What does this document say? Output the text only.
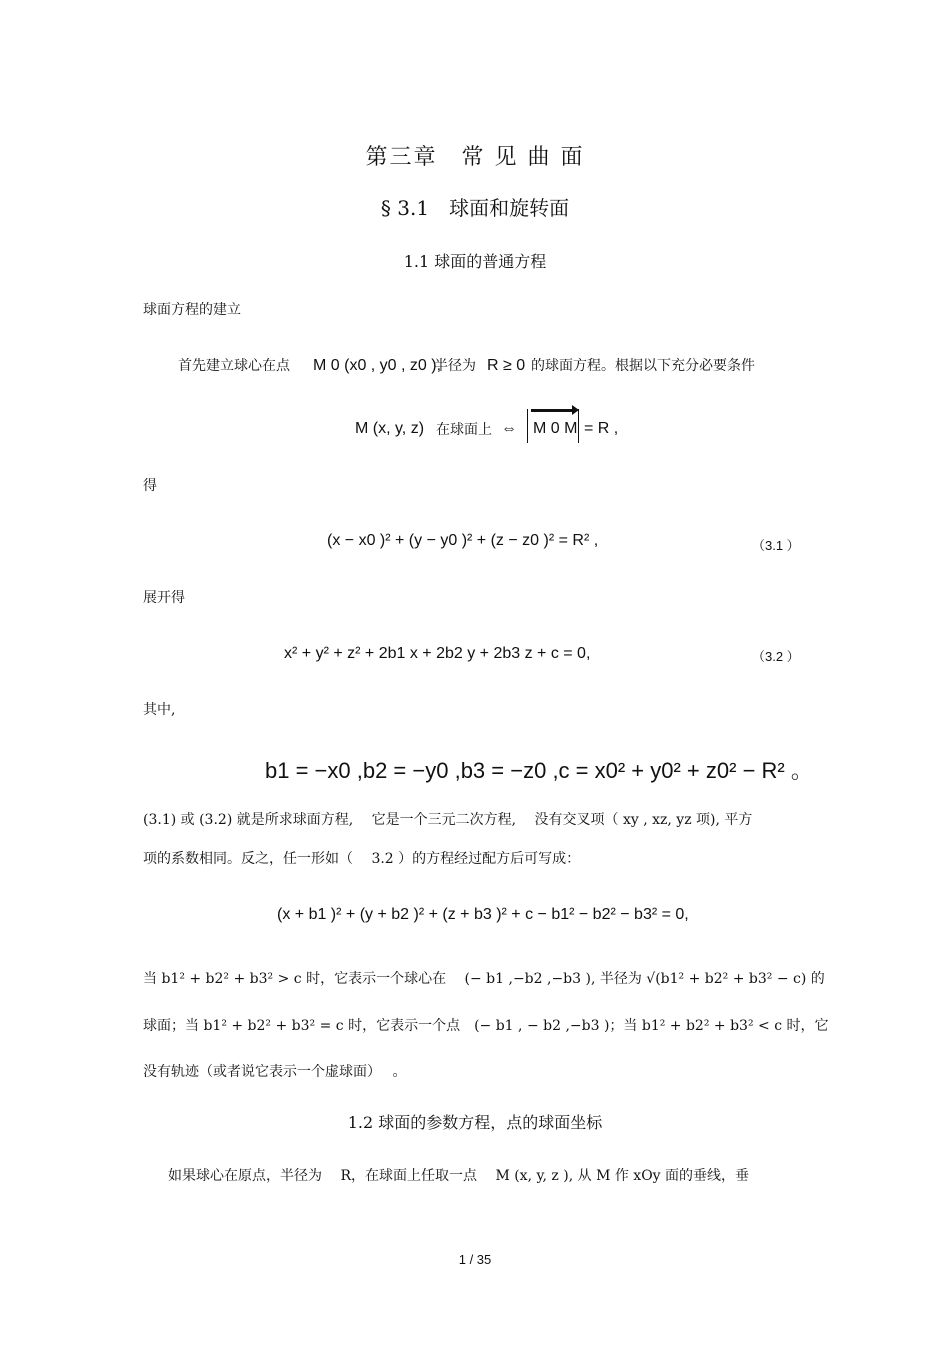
第三章　常 见 曲 面
§ 3.1　球面和旋转面
1.1 球面的普通方程
球面方程的建立
首先建立球心在点 M 0 (x0 , y0 , z0 ),
半径为 R ≥ 0 的球面方程。根据以下充分必要条件
M (x, y, z) 在球面上 ⇔ M 0 M = R ,
得
(x − x0 )² + (y − y0 )² + (z − z0 )² = R² ,	（3.1 ）
展开得
x² + y² + z² + 2b1 x + 2b2 y + 2b3 z + c = 0,	（3.2 ）
其中,
b1 = −x0 ,b2 = −y0 ,b3 = −z0 ,c = x0² + y0² + z0² − R² 。
(3.1) 或 (3.2) 就是所求球面方程,　 它是一个三元二次方程,　 没有交叉项（ xy , xz, yz 项), 平方
项的系数相同。反之，任一形如（　 3.2 ）的方程经过配方后可写成：
(x + b1 )² + (y + b2 )² + (z + b3 )² + c − b1² − b2² − b3² = 0,
当 b1² + b2² + b3² > c 时，它表示一个球心在　 (− b1 ,−b2 ,−b3 ), 半径为 √(b1² + b2² + b3² − c) 的
球面；当 b1² + b2² + b3² = c 时，它表示一个点　(− b1 , − b2 ,−b3 )；当 b1² + b2² + b3² < c 时，它
没有轨迹（或者说它表示一个虚球面）　 。
1.2 球面的参数方程，点的球面坐标
如果球心在原点，半径为　 R，在球面上任取一点　 M (x, y, z ), 从 M 作 xOy 面的垂线，垂
1 / 35
